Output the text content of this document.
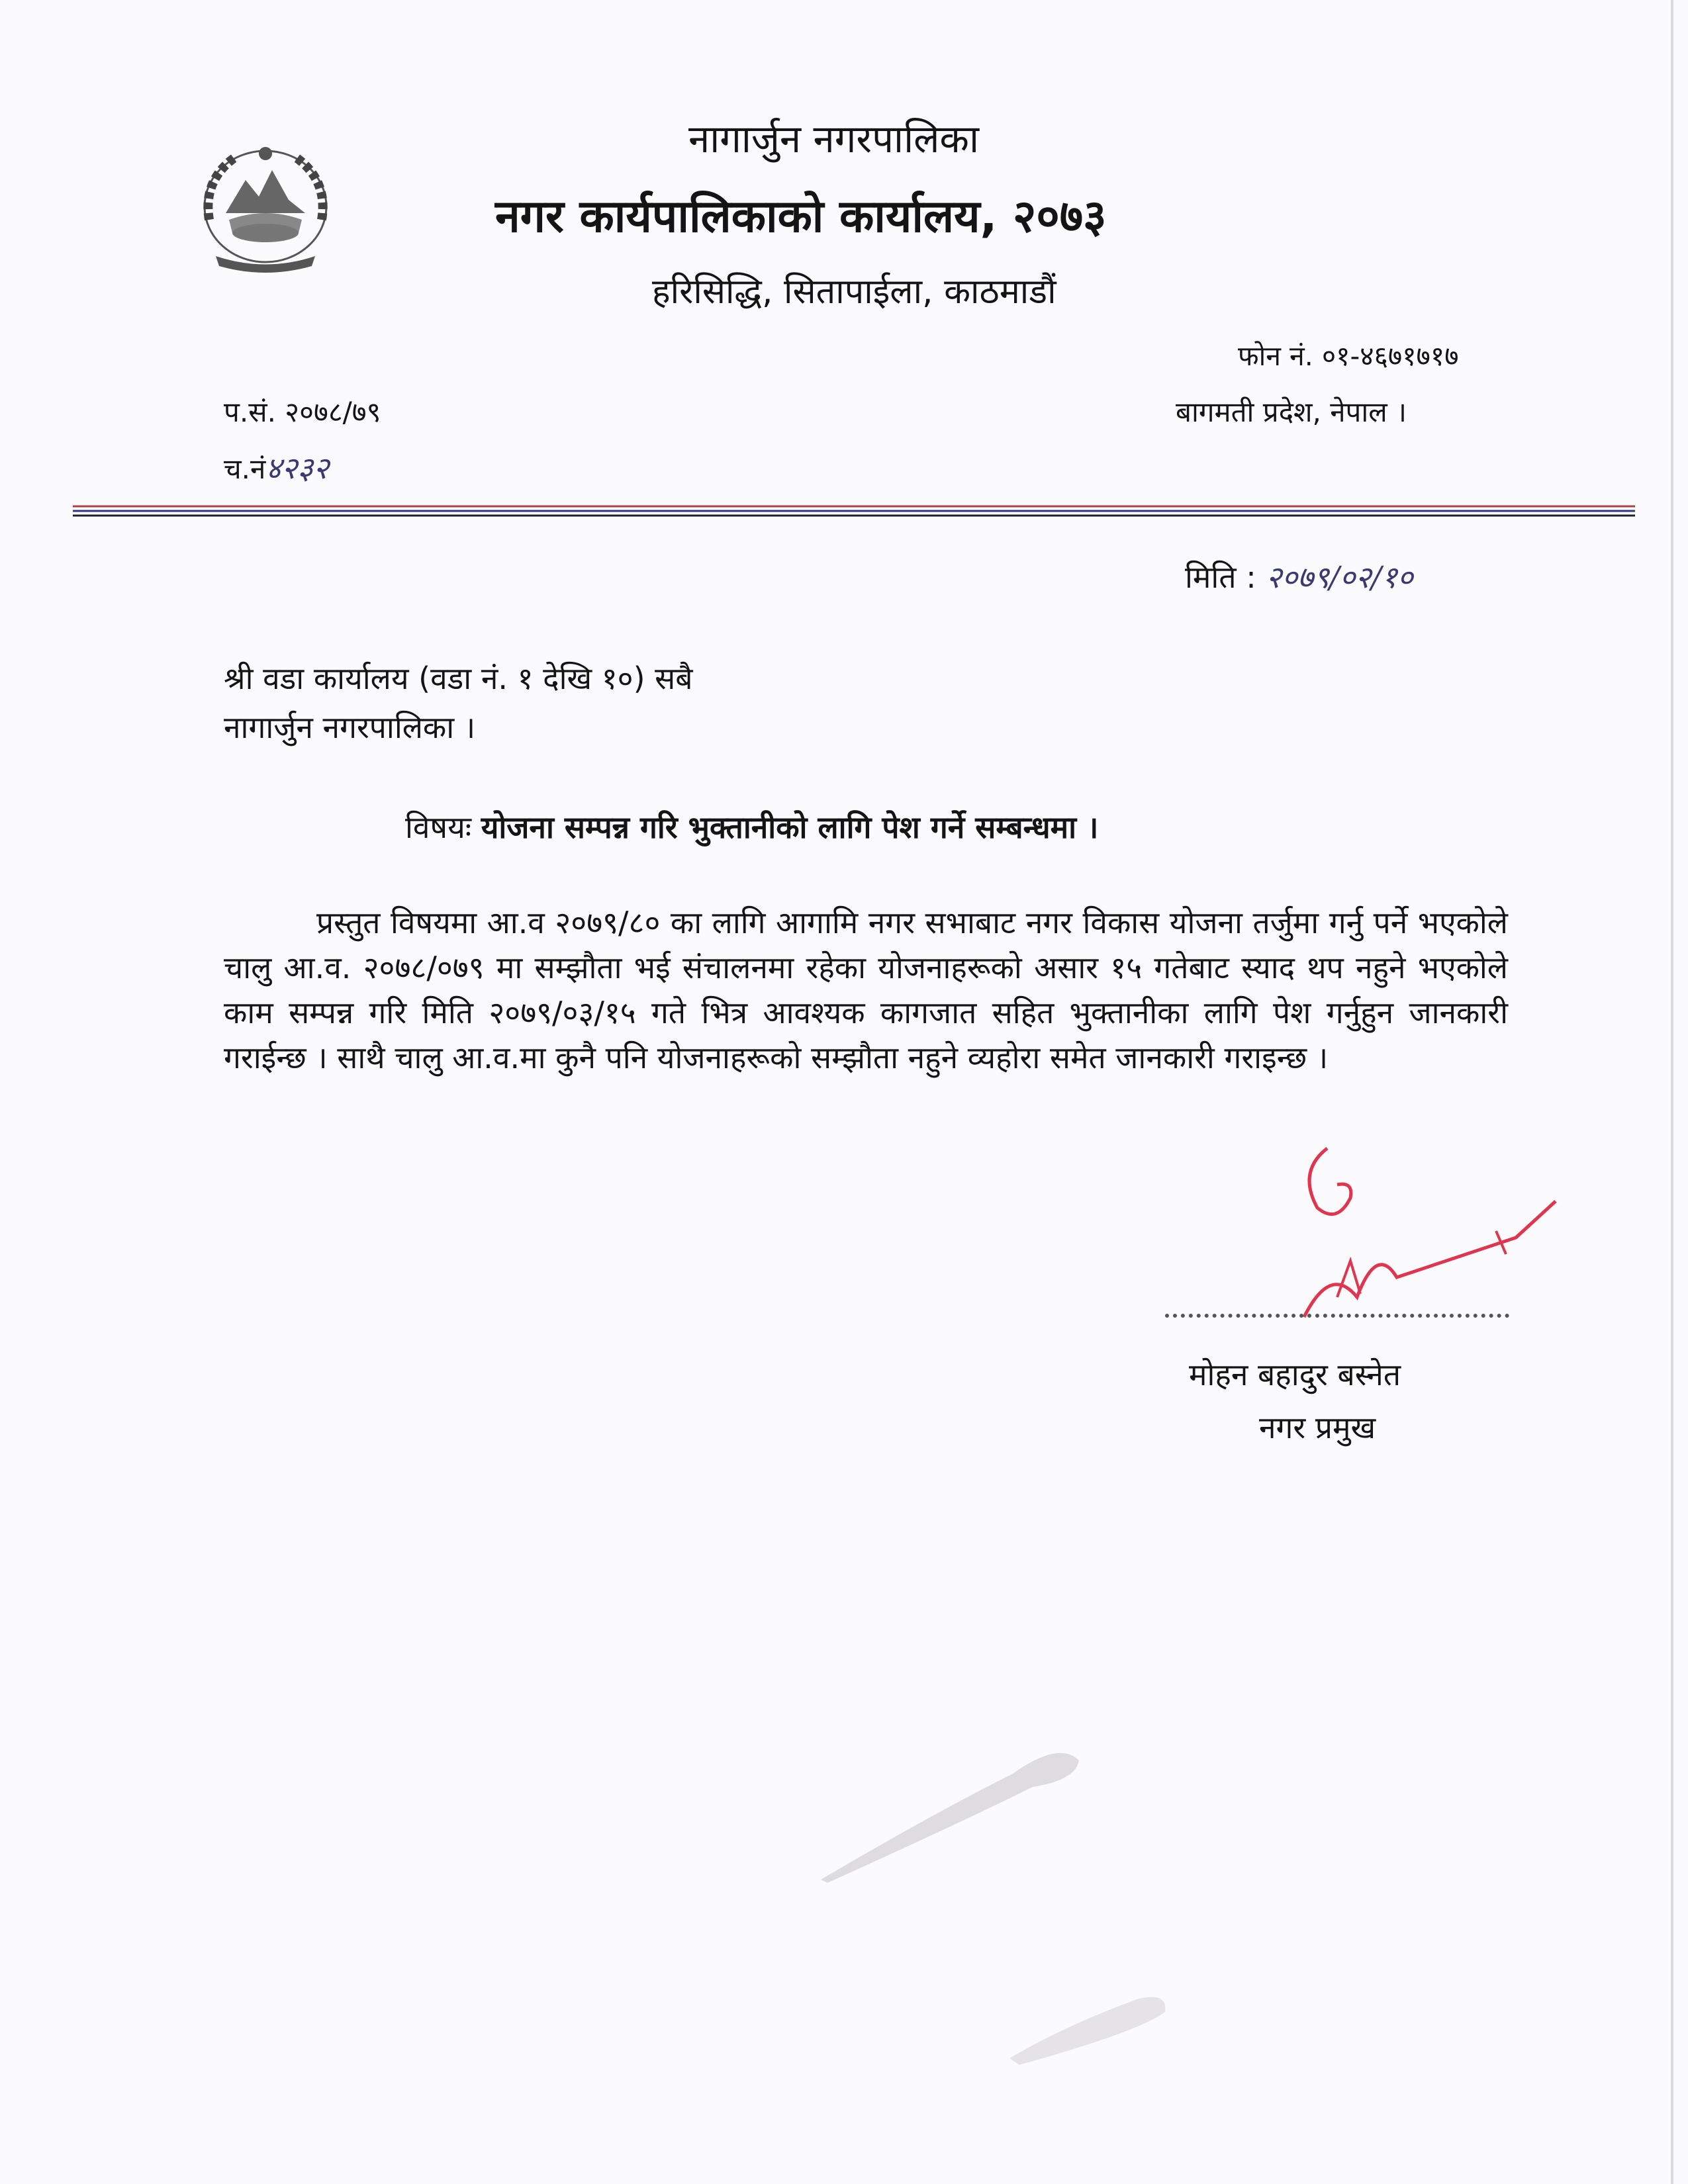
नागार्जुन नगरपालिका
नगर कार्यपालिकाको कार्यालय, २०७३
हरिसिद्धि, सितापाईला, काठमाडौं
फोन नं. ०१-४६७१७१७
बागमती प्रदेश, नेपाल ।
प.सं. २०७८/७९
च.नं४२३२
मिति : २०७९/०२/१०
श्री वडा कार्यालय (वडा नं. १ देखि १०) सबै
नागार्जुन नगरपालिका ।
विषयः योजना सम्पन्न गरि भुक्तानीको लागि पेश गर्ने सम्बन्धमा ।
प्रस्तुत विषयमा आ.व २०७९/८० का लागि आगामि नगर सभाबाट नगर विकास योजना तर्जुमा गर्नु पर्ने भएकोले चालु आ.व. २०७८/०७९ मा सम्झौता भई संचालनमा रहेका योजनाहरूको असार १५ गतेबाट स्याद थप नहुने भएकोले काम सम्पन्न गरि मिति २०७९/०३/१५ गते भित्र आवश्यक कागजात सहित भुक्तानीका लागि पेश गर्नुहुन जानकारी गराईन्छ । साथै चालु आ.व.मा कुनै पनि योजनाहरूको सम्झौता नहुने व्यहोरा समेत जानकारी गराइन्छ ।
मोहन बहादुर बस्नेत
नगर प्रमुख
